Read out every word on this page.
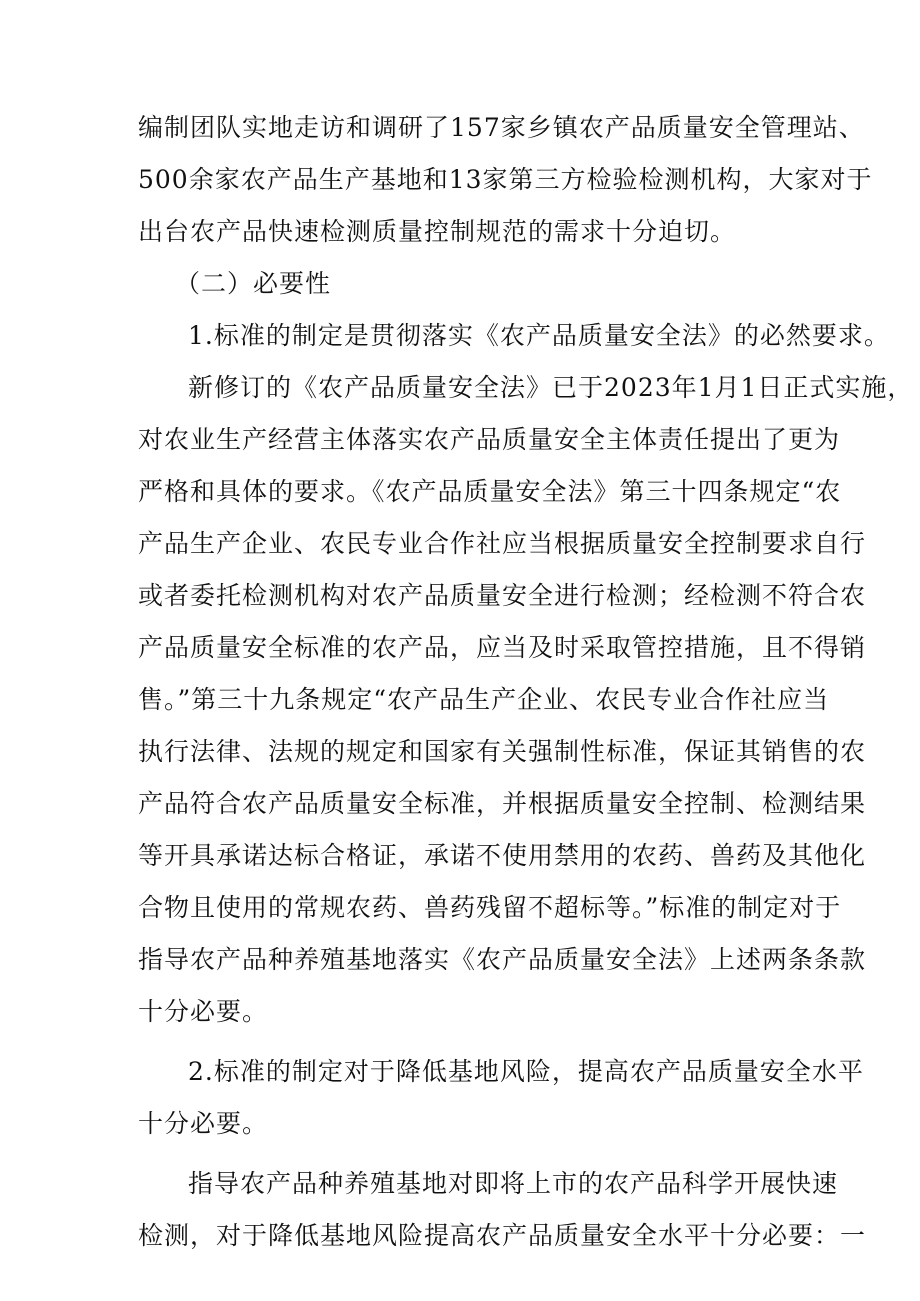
编制团队实地走访和调研了157家乡镇农产品质量安全管理站、
500余家农产品生产基地和13家第三方检验检测机构，大家对于
出台农产品快速检测质量控制规范的需求十分迫切。
（二）必要性
1.标准的制定是贯彻落实《农产品质量安全法》的必然要求。
新修订的《农产品质量安全法》已于2023年1月1日正式实施，
对农业生产经营主体落实农产品质量安全主体责任提出了更为
严格和具体的要求。《农产品质量安全法》第三十四条规定“农
产品生产企业、农民专业合作社应当根据质量安全控制要求自行
或者委托检测机构对农产品质量安全进行检测；经检测不符合农
产品质量安全标准的农产品，应当及时采取管控措施，且不得销
售。”第三十九条规定“农产品生产企业、农民专业合作社应当
执行法律、法规的规定和国家有关强制性标准，保证其销售的农
产品符合农产品质量安全标准，并根据质量安全控制、检测结果
等开具承诺达标合格证，承诺不使用禁用的农药、兽药及其他化
合物且使用的常规农药、兽药残留不超标等。”标准的制定对于
指导农产品种养殖基地落实《农产品质量安全法》上述两条条款
十分必要。
2.标准的制定对于降低基地风险，提高农产品质量安全水平
十分必要。
指导农产品种养殖基地对即将上市的农产品科学开展快速
检测，对于降低基地风险提高农产品质量安全水平十分必要：一
